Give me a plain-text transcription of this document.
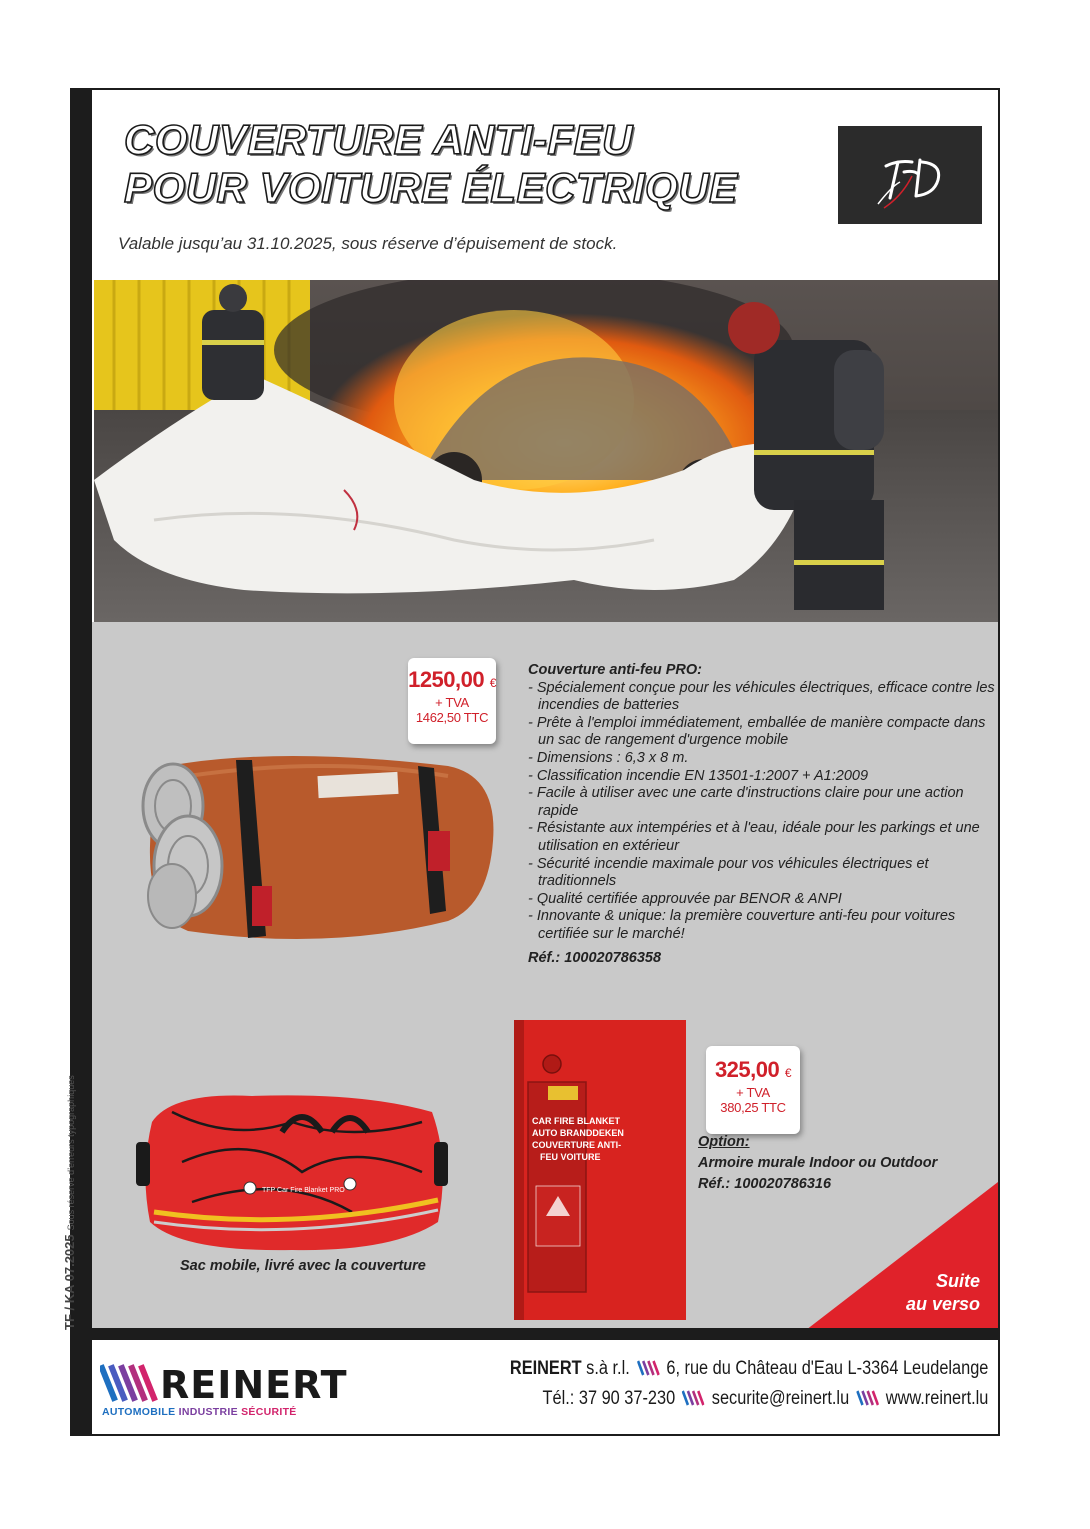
TF / KA 07.2025Sous réserve d’erreurs typographiques
COUVERTURE ANTI-FEU
POUR VOITURE ÉLECTRIQUE
Valable jusqu’au 31.10.2025, sous réserve d’épuisement de stock.
1250,00 €
+ TVA
1462,50 TTC
Couverture anti-feu PRO:
- Spécialement conçue pour les véhicules électriques, efficace contre les incendies de batteries
- Prête à l'emploi immédiatement, emballée de manière compacte dans un sac de rangement d'urgence mobile
- Dimensions : 6,3 x 8 m.
- Classification incendie EN 13501-1:2007 + A1:2009
- Facile à utiliser avec une carte d'instructions claire pour une action rapide
- Résistante aux intempéries et à l'eau, idéale pour les parkings et une utilisation en extérieur
- Sécurité incendie maximale pour vos véhicules électriques et traditionnels
- Qualité certifiée approuvée par BENOR & ANPI
- Innovante & unique: la première couverture anti-feu pour voitures certifiée sur le marché!
Réf.: 100020786358
TFP Car Fire Blanket PRO
Sac mobile, livré avec la couverture
CAR FIRE BLANKET
AUTO BRANDDEKEN
COUVERTURE ANTI-
FEU VOITURE
325,00 €
+ TVA
380,25 TTC
Option:
Armoire murale Indoor ou Outdoor
Réf.: 100020786316
Suite
au verso
REINERT
AUTOMOBILE INDUSTRIE SÉCURITÉ
REINERT s.à r.l. 6, rue du Château d'Eau L-3364 Leudelange
Tél.: 37 90 37-230 securite@reinert.lu www.reinert.lu
